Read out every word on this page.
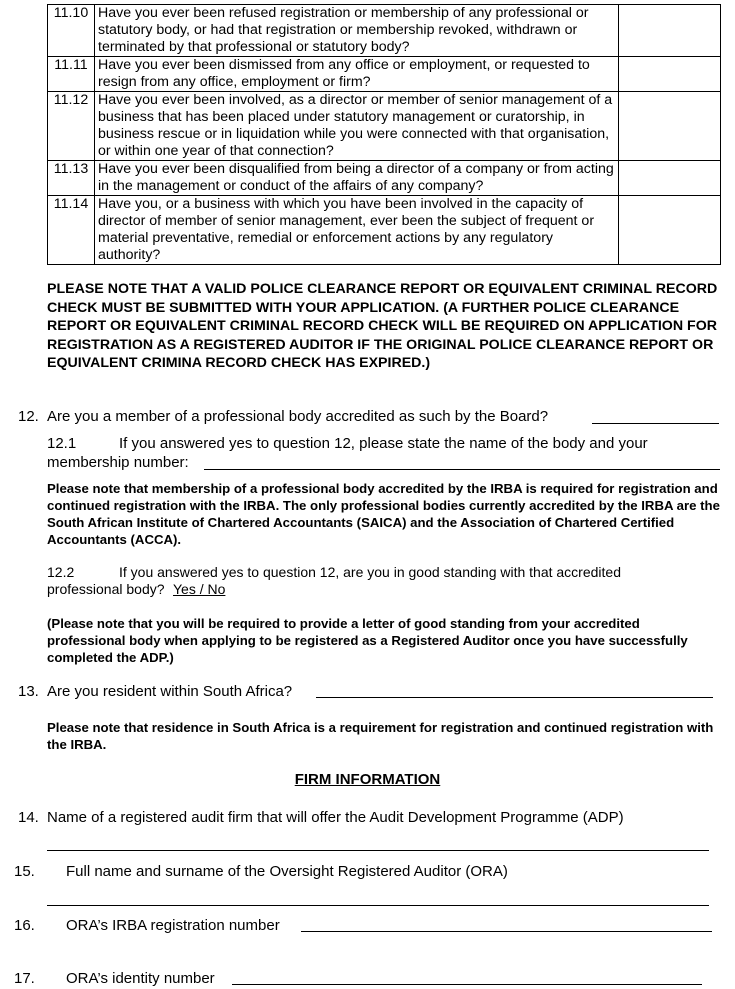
11.10	Have you ever been refused registration or membership of any professional or statutory body, or had that registration or membership revoked, withdrawn or terminated by that professional or statutory body?	
11.11	Have you ever been dismissed from any office or employment, or requested to resign from any office, employment or firm?	
11.12	Have you ever been involved, as a director or member of senior management of a business that has been placed under statutory management or curatorship, in business rescue or in liquidation while you were connected with that organisation, or within one year of that connection?	
11.13	Have you ever been disqualified from being a director of a company or from acting in the management or conduct of the affairs of any company?	
11.14	Have you, or a business with which you have been involved in the capacity of director of member of senior management, ever been the subject of frequent or material preventative, remedial or enforcement actions by any regulatory authority?	
PLEASE NOTE THAT A VALID POLICE CLEARANCE REPORT OR EQUIVALENT CRIMINAL RECORD CHECK MUST BE SUBMITTED WITH YOUR APPLICATION. (A FURTHER POLICE CLEARANCE REPORT OR EQUIVALENT CRIMINAL RECORD CHECK WILL BE REQUIRED ON APPLICATION FOR REGISTRATION AS A REGISTERED AUDITOR IF THE ORIGINAL POLICE CLEARANCE REPORT OR EQUIVALENT CRIMINA RECORD CHECK HAS EXPIRED.)
12. Are you a member of a professional body accredited as such by the Board?
12.1	If you answered yes to question 12, please state the name of the body and your
membership number:
Please note that membership of a professional body accredited by the IRBA is required for registration and continued registration with the IRBA. The only professional bodies currently accredited by the IRBA are the South African Institute of Chartered Accountants (SAICA) and the Association of Chartered Certified Accountants (ACCA).
12.2	If you answered yes to question 12, are you in good standing with that accredited
professional body? Yes / No
(Please note that you will be required to provide a letter of good standing from your accredited professional body when applying to be registered as a Registered Auditor once you have successfully completed the ADP.)
13. Are you resident within South Africa?
Please note that residence in South Africa is a requirement for registration and continued registration with the IRBA.
FIRM INFORMATION
14. Name of a registered audit firm that will offer the Audit Development Programme (ADP)
15. Full name and surname of the Oversight Registered Auditor (ORA)
16. ORA’s IRBA registration number
17. ORA’s identity number
